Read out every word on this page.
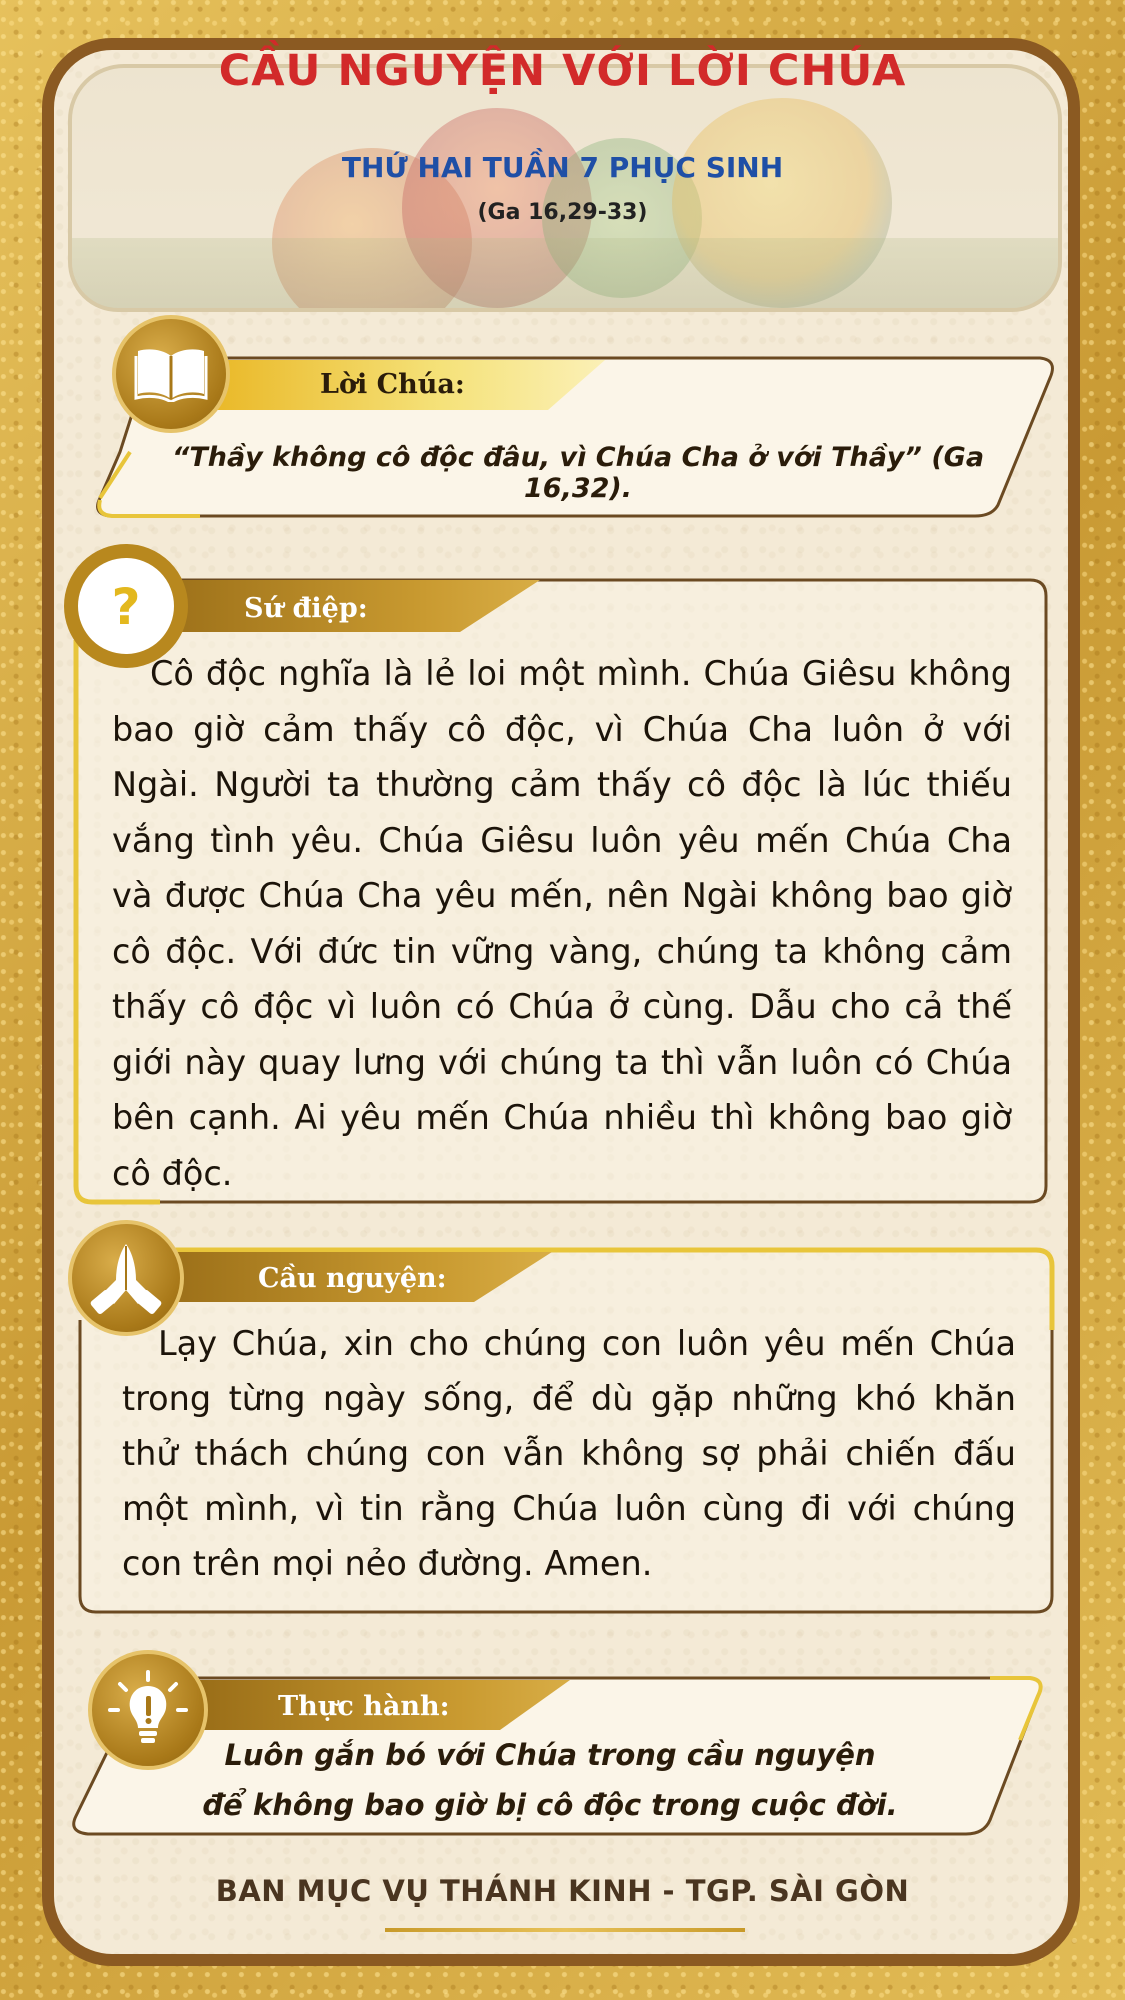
CẦU NGUYỆN VỚI LỜI CHÚA
THỨ HAI TUẦN 7 PHỤC SINH
(Ga 16,29-33)
Lời Chúa:
“Thầy không cô độc đâu, vì Chúa Cha ở với Thầy” (Ga 16,32).
?	Sứ điệp:
Cô độc nghĩa là lẻ loi một mình. Chúa Giêsu không bao giờ cảm thấy cô độc, vì Chúa Cha luôn ở với Ngài. Người ta thường cảm thấy cô độc là lúc thiếu vắng tình yêu. Chúa Giêsu luôn yêu mến Chúa Cha và được Chúa Cha yêu mến, nên Ngài không bao giờ cô độc. Với đức tin vững vàng, chúng ta không cảm thấy cô độc vì luôn có Chúa ở cùng. Dẫu cho cả thế giới này quay lưng với chúng ta thì vẫn luôn có Chúa bên cạnh. Ai yêu mến Chúa nhiều thì không bao giờ cô độc.
Cầu nguyện:
Lạy Chúa, xin cho chúng con luôn yêu mến Chúa trong từng ngày sống, để dù gặp những khó khăn thử thách chúng con vẫn không sợ phải chiến đấu một mình, vì tin rằng Chúa luôn cùng đi với chúng con trên mọi nẻo đường. Amen.
Thực hành:
Luôn gắn bó với Chúa trong cầu nguyện
để không bao giờ bị cô độc trong cuộc đời.
BAN MỤC VỤ THÁNH KINH - TGP. SÀI GÒN
